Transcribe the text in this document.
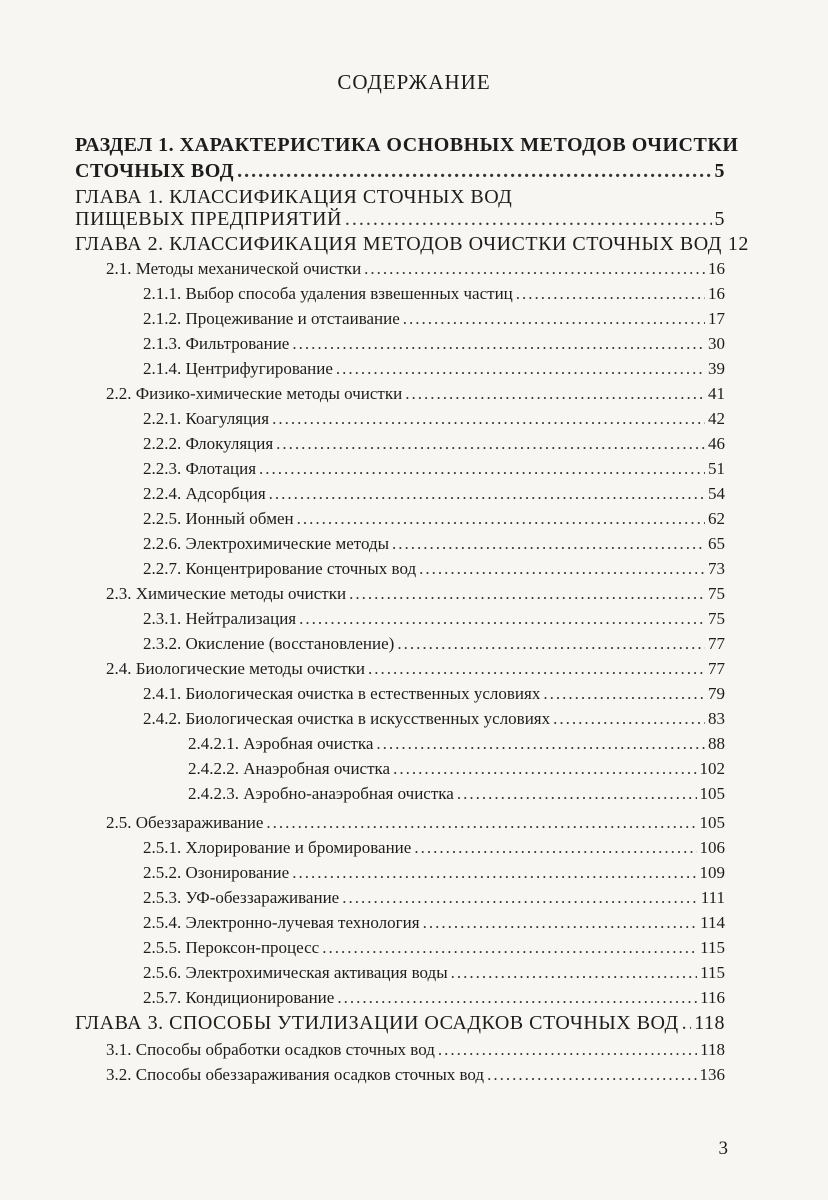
СОДЕРЖАНИЕ
РАЗДЕЛ 1. ХАРАКТЕРИСТИКА ОСНОВНЫХ МЕТОДОВ ОЧИСТКИ
СТОЧНЫХ ВОД .....	5
ГЛАВА 1. КЛАССИФИКАЦИЯ СТОЧНЫХ ВОД
ПИЩЕВЫХ ПРЕДПРИЯТИЙ .....	5
ГЛАВА 2. КЛАССИФИКАЦИЯ МЕТОДОВ ОЧИСТКИ СТОЧНЫХ ВОД 12
2.1. Методы механической очистки .....	16
2.1.1. Выбор способа удаления взвешенных частиц .....	16
2.1.2. Процеживание и отстаивание .....	17
2.1.3. Фильтрование .....	30
2.1.4. Центрифугирование .....	39
2.2. Физико-химические методы очистки .....	41
2.2.1. Коагуляция .....	42
2.2.2. Флокуляция .....	46
2.2.3. Флотация .....	51
2.2.4. Адсорбция .....	54
2.2.5. Ионный обмен .....	62
2.2.6. Электрохимические методы .....	65
2.2.7. Концентрирование сточных вод .....	73
2.3. Химические методы очистки .....	75
2.3.1. Нейтрализация .....	75
2.3.2. Окисление (восстановление) .....	77
2.4. Биологические методы очистки .....	77
2.4.1. Биологическая очистка в естественных условиях .....	79
2.4.2. Биологическая очистка в искусственных условиях .....	83
2.4.2.1. Аэробная очистка .....	88
2.4.2.2. Анаэробная очистка .....	102
2.4.2.3. Аэробно-анаэробная очистка .....	105
2.5. Обеззараживание .....	105
2.5.1. Хлорирование и бромирование .....	106
2.5.2. Озонирование .....	109
2.5.3. УФ-обеззараживание .....	111
2.5.4. Электронно-лучевая технология .....	114
2.5.5. Пероксон-процесс .....	115
2.5.6. Электрохимическая активация воды .....	115
2.5.7. Кондиционирование .....	116
ГЛАВА 3. СПОСОБЫ УТИЛИЗАЦИИ ОСАДКОВ СТОЧНЫХ ВОД ..... 118
3.1. Способы обработки осадков сточных вод .....	118
3.2. Способы обеззараживания осадков сточных вод .....	136
3
